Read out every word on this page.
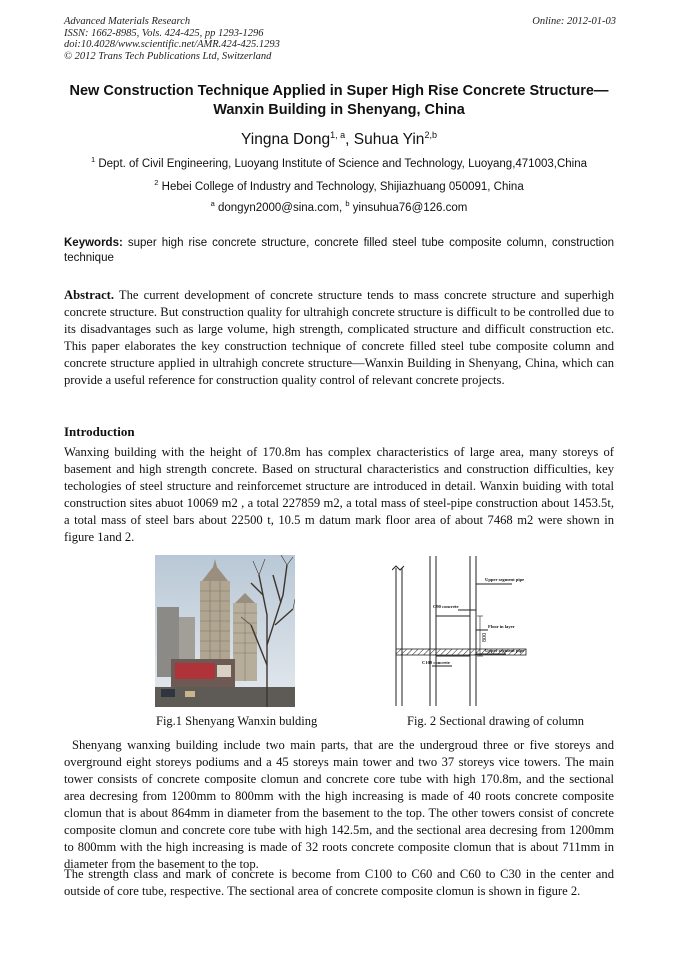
Advanced Materials Research
ISSN: 1662-8985, Vols. 424-425, pp 1293-1296
doi:10.4028/www.scientific.net/AMR.424-425.1293
© 2012 Trans Tech Publications Ltd, Switzerland
Online: 2012-01-03
New Construction Technique Applied in Super High Rise Concrete Structure—Wanxin Building in Shenyang, China
Yingna Dong$^{1, a}$, Suhua Yin$^{2,b}$
$^1$ Dept. of Civil Engineering, Luoyang Institute of Science and Technology, Luoyang,471003,China
$^2$ Hebei College of Industry and Technology, Shijiazhuang 050091, China
$^a$ dongyn2000@sina.com, $^b$ yinsuhua76@126.com
Keywords: super high rise concrete structure, concrete filled steel tube composite column, construction technique
Abstract. The current development of concrete structure tends to mass concrete structure and superhigh concrete structure. But construction quality for ultrahigh concrete structure is difficult to be controlled due to its disadvantages such as large volume, high strength, complicated structure and difficult construction etc. This paper elaborates the key construction technique of concrete filled steel tube composite column and concrete structure applied in ultrahigh concrete structure—Wanxin Building in Shenyang, China, which can provide a useful reference for construction quality control of relevant concrete projects.
Introduction
Wanxing building with the height of 170.8m has complex characteristics of large area, many storeys of basement and high strength concrete. Based on structural characteristics and construction difficulties, key techologies of steel structure and reinforcemet structure are introduced in detail. Wanxin buiding with total construction sites abuot 10069 m2 , a total 227859 m2, a total mass of steel-pipe construction about 1453.5t, a total mass of steel bars about 22500 t, 10.5 m datum mark floor area of about 7468 m2 were shown in figure 1and 2.
Upper segment pipe
C90 concrete
Floor in layer
Upper segment pipe
C100 concrete
800
Fig.1 Shenyang Wanxin bulding	Fig. 2 Sectional drawing of column
Shenyang wanxing building include two main parts, that are the undergroud three or five storeys and overground eight storeys podiums and a 45 storeys main tower and two 37 storeys vice towers. The main tower consists of concrete composite clomun and concrete core tube with high 170.8m, and the sectional area decresing from 1200mm to 800mm with the high increasing is made of 40 roots concrete composite clomun that is about 864mm in diameter from the basement to the top. The other towers consist of concrete composite clomun and concrete core tube with high 142.5m, and the sectional area decresing from 1200mm to 800mm with the high increasing is made of 32 roots concrete composite clomun that is about 711mm in diameter from the basement to the top.
The strength class and mark of concrete is become from C100 to C60 and C60 to C30 in the center and outside of core tube, respective. The sectional area of concrete composite clomun is shown in figure 2.
